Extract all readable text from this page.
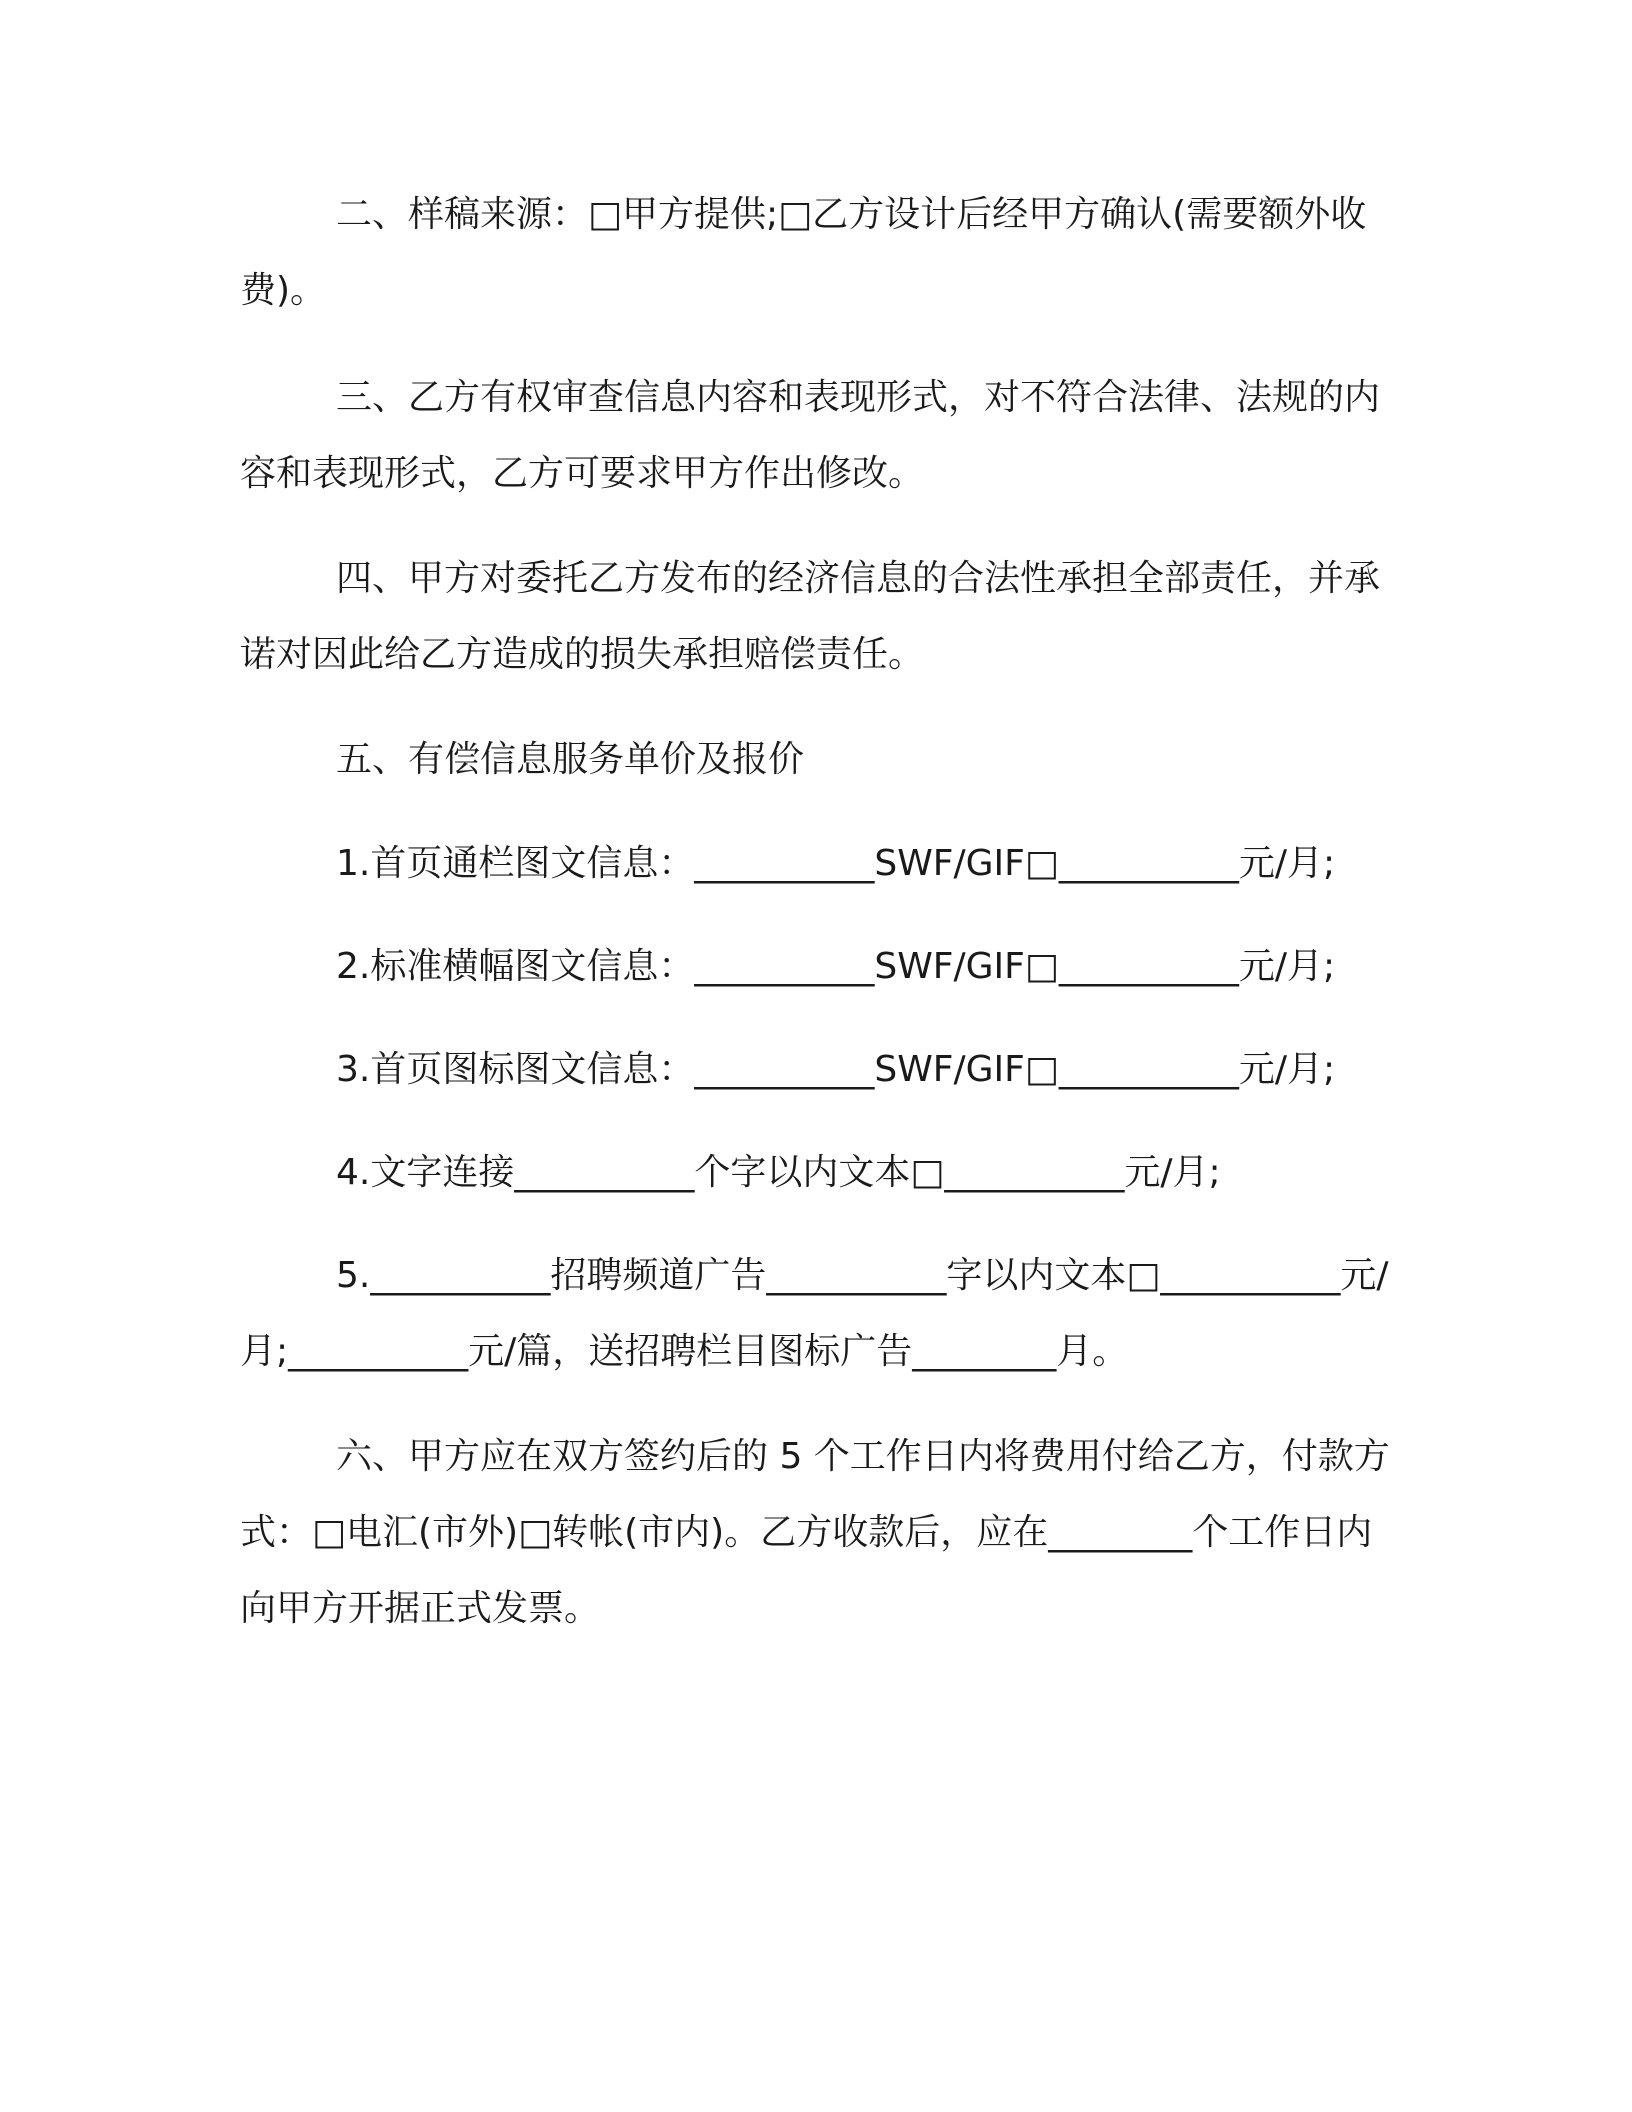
二、样稿来源：□甲方提供;□乙方设计后经甲方确认(需要额外收费)。
三、乙方有权审查信息内容和表现形式，对不符合法律、法规的内容和表现形式，乙方可要求甲方作出修改。
四、甲方对委托乙方发布的经济信息的合法性承担全部责任，并承诺对因此给乙方造成的损失承担赔偿责任。
五、有偿信息服务单价及报价
1.首页通栏图文信息：__________SWF/GIF□__________元/月;
2.标准横幅图文信息：__________SWF/GIF□__________元/月;
3.首页图标图文信息：__________SWF/GIF□__________元/月;
4.文字连接__________个字以内文本□__________元/月;
5.__________招聘频道广告__________字以内文本□__________元/月;__________元/篇，送招聘栏目图标广告________月。
六、甲方应在双方签约后的 5 个工作日内将费用付给乙方，付款方式：□电汇(市外)□转帐(市内)。乙方收款后，应在________个工作日内向甲方开据正式发票。
